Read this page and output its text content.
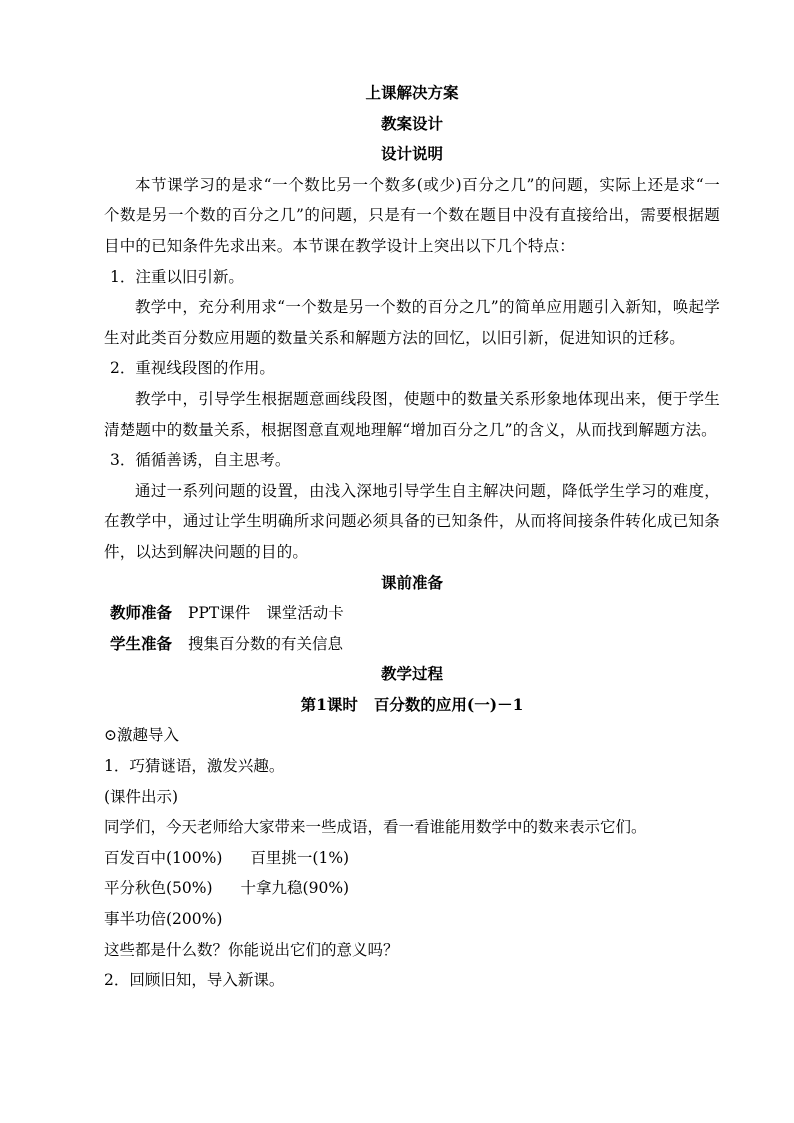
上课解决方案
教案设计
设计说明
本节课学习的是求“一个数比另一个数多(或少)百分之几”的问题，实际上还是求“一个数是另一个数的百分之几”的问题，只是有一个数在题目中没有直接给出，需要根据题目中的已知条件先求出来。本节课在教学设计上突出以下几个特点：
1．注重以旧引新。
教学中，充分利用求“一个数是另一个数的百分之几”的简单应用题引入新知，唤起学生对此类百分数应用题的数量关系和解题方法的回忆，以旧引新，促进知识的迁移。
2．重视线段图的作用。
教学中，引导学生根据题意画线段图，使题中的数量关系形象地体现出来，便于学生清楚题中的数量关系，根据图意直观地理解“增加百分之几”的含义，从而找到解题方法。
3．循循善诱，自主思考。
通过一系列问题的设置，由浅入深地引导学生自主解决问题，降低学生学习的难度，在教学中，通过让学生明确所求问题必须具备的已知条件，从而将间接条件转化成已知条件，以达到解决问题的目的。
课前准备
教师准备 PPT课件 课堂活动卡
学生准备 搜集百分数的有关信息
教学过程
第1课时 百分数的应用(一)－1
⊙激趣导入
1．巧猜谜语，激发兴趣。
(课件出示)
同学们，今天老师给大家带来一些成语，看一看谁能用数学中的数来表示它们。
百发百中(100%) 百里挑一(1%)
平分秋色(50%) 十拿九稳(90%)
事半功倍(200%)
这些都是什么数？你能说出它们的意义吗？
2．回顾旧知，导入新课。
